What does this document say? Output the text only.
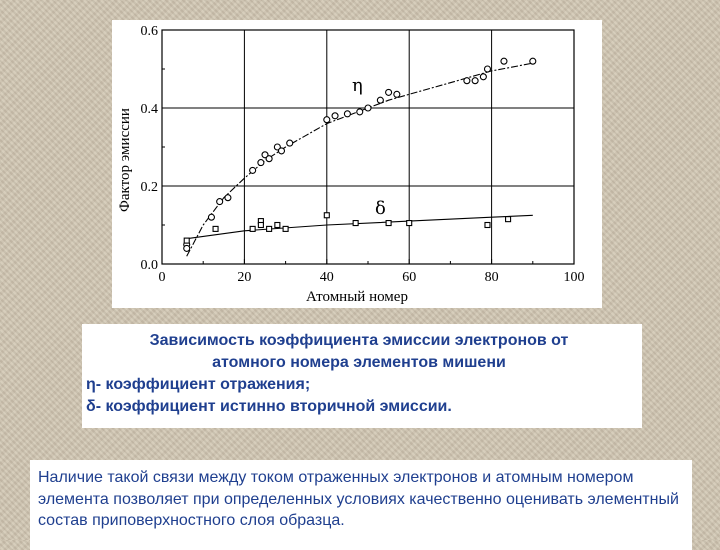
0.0
0.2
0.4
0.6
0	20	40	60	80	100
η
δ
Атомный номер
Фактор эмиссии
Зависимость коэффициента эмиссии электронов от
атомного номера элементов мишени
η- коэффициент отражения;
δ- коэффициент истинно вторичной эмиссии.

Наличие такой связи между током отраженных электронов и атомным номером элемента позволяет при определенных условиях качественно оценивать элементный состав приповерхностного слоя образца.
